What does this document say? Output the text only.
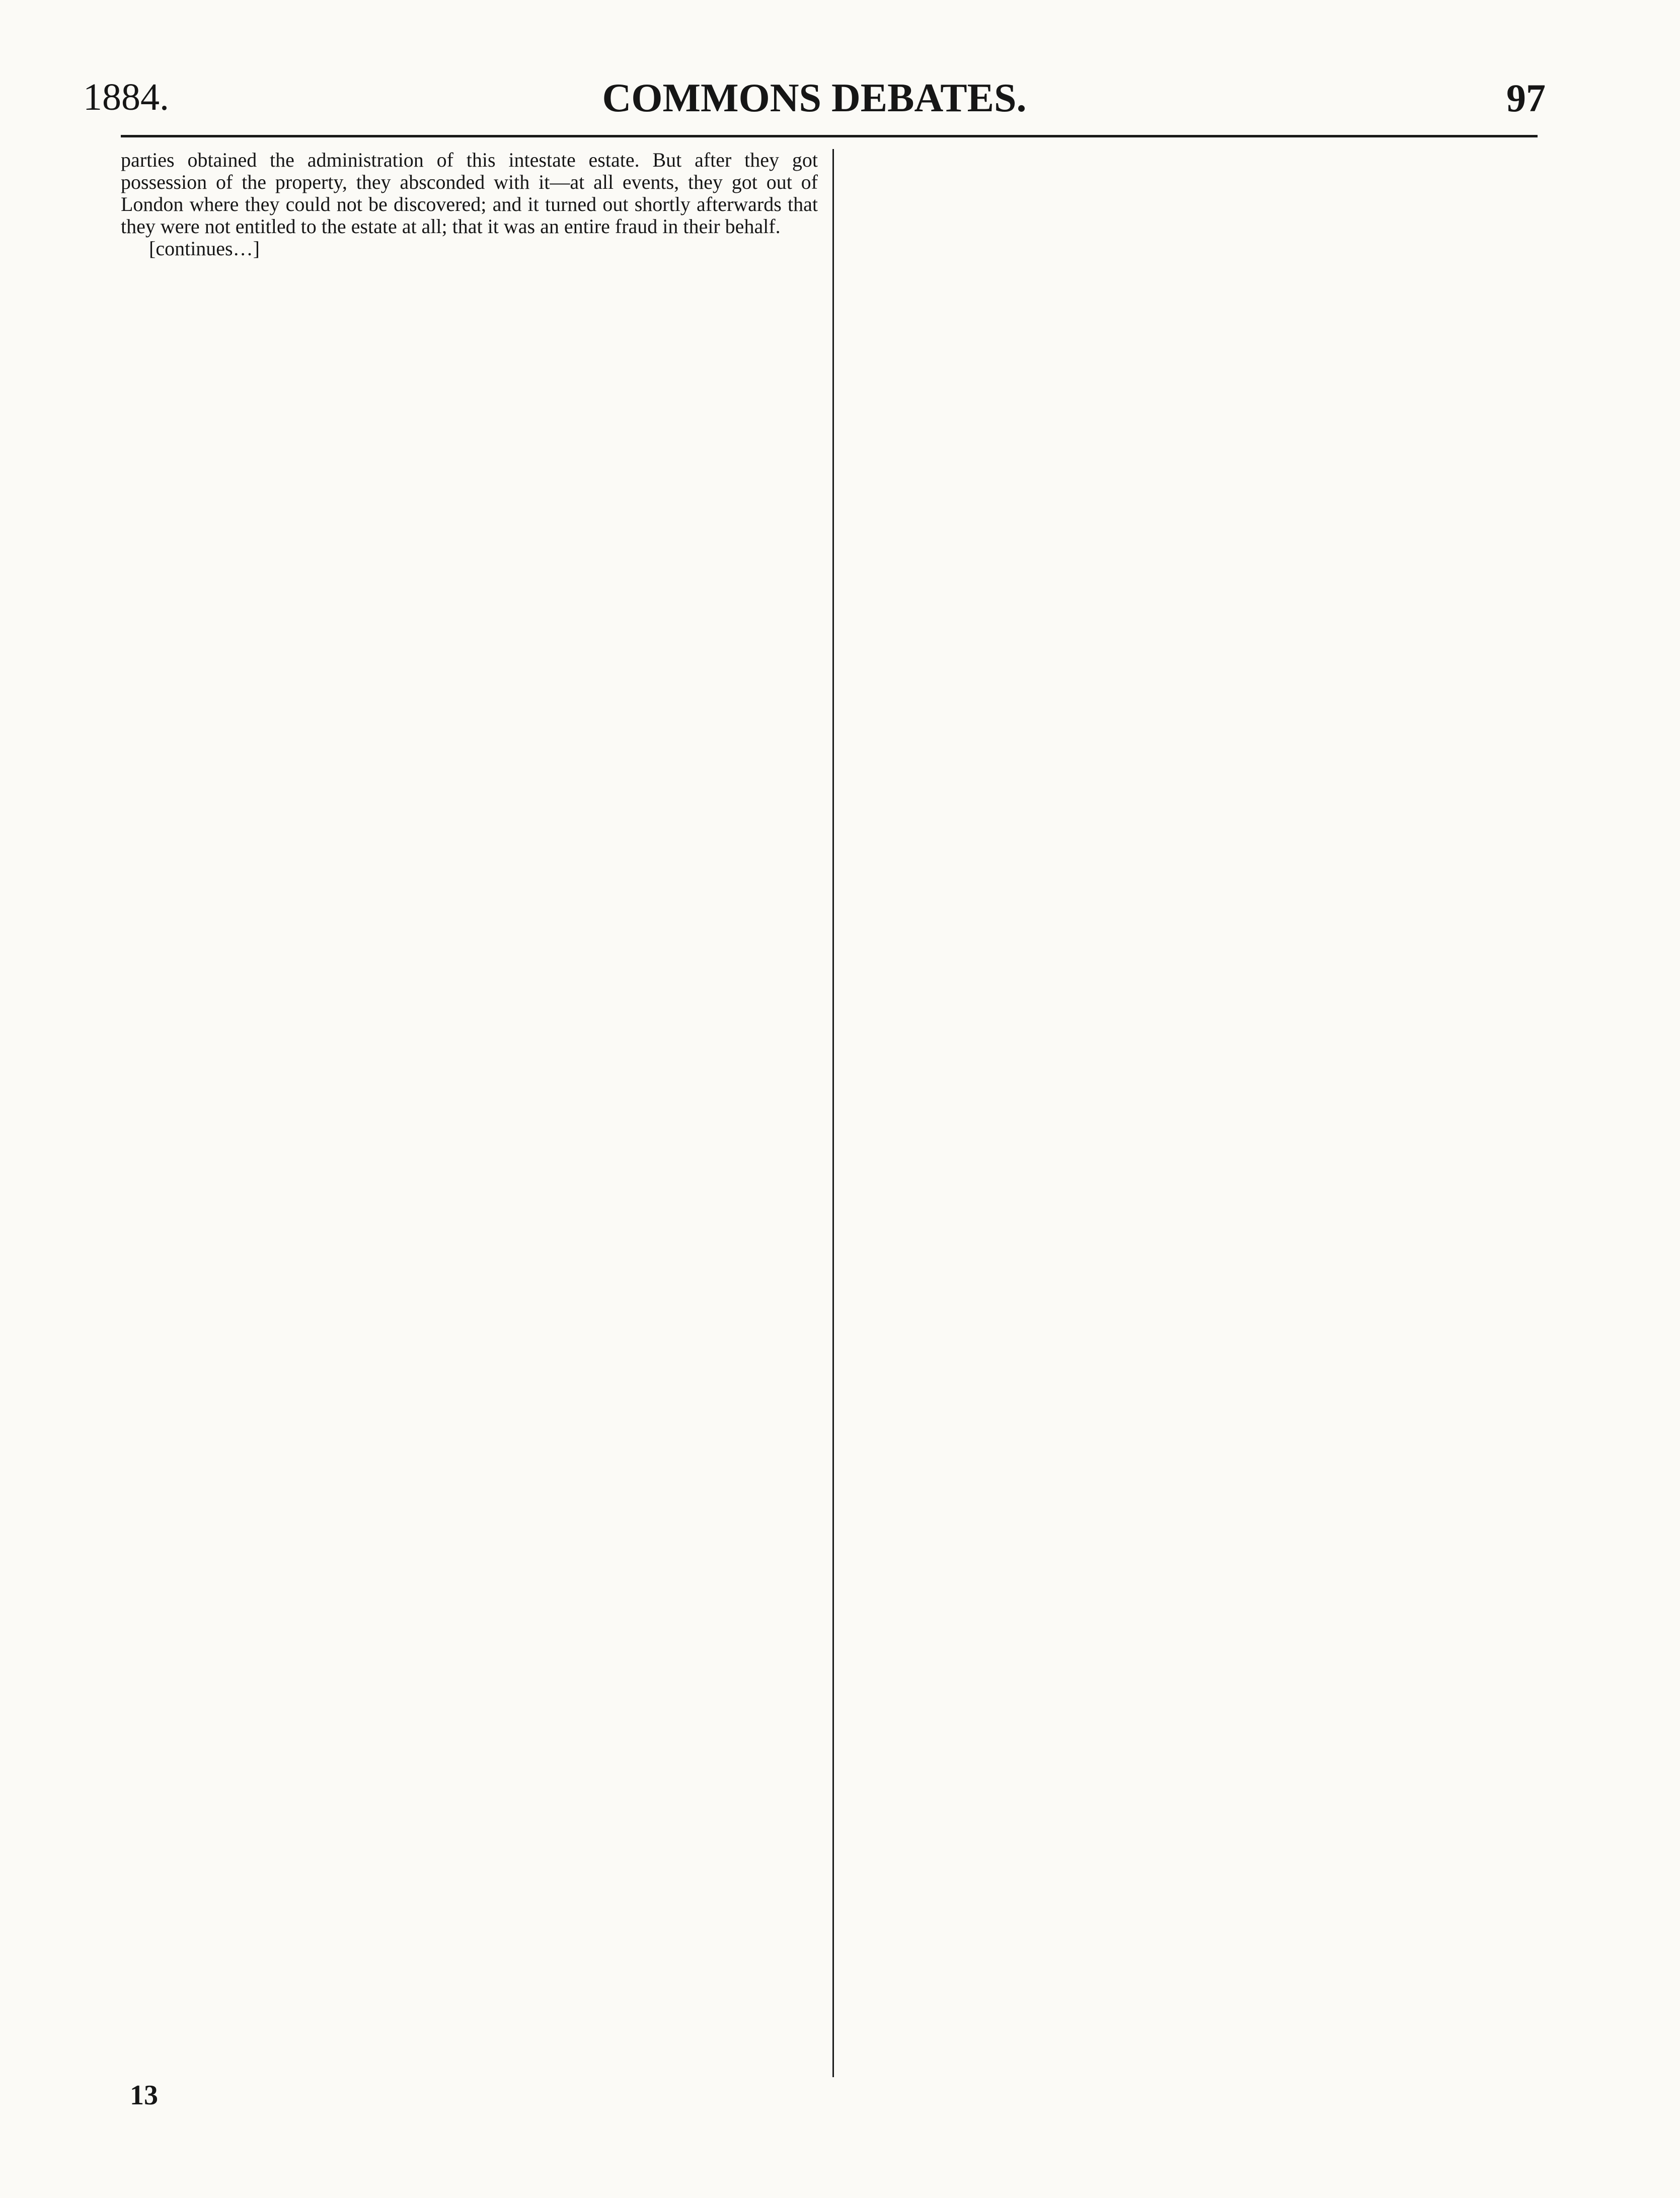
1884.	COMMONS DEBATES.	97

parties obtained the administration of this intestate estate. But after they got possession of the property, they absconded with it—at all events, they got out of London where they could not be discovered; and it turned out shortly afterwards that they were not entitled to the estate at all; that it was an entire fraud in their behalf.

[continues…]

13
